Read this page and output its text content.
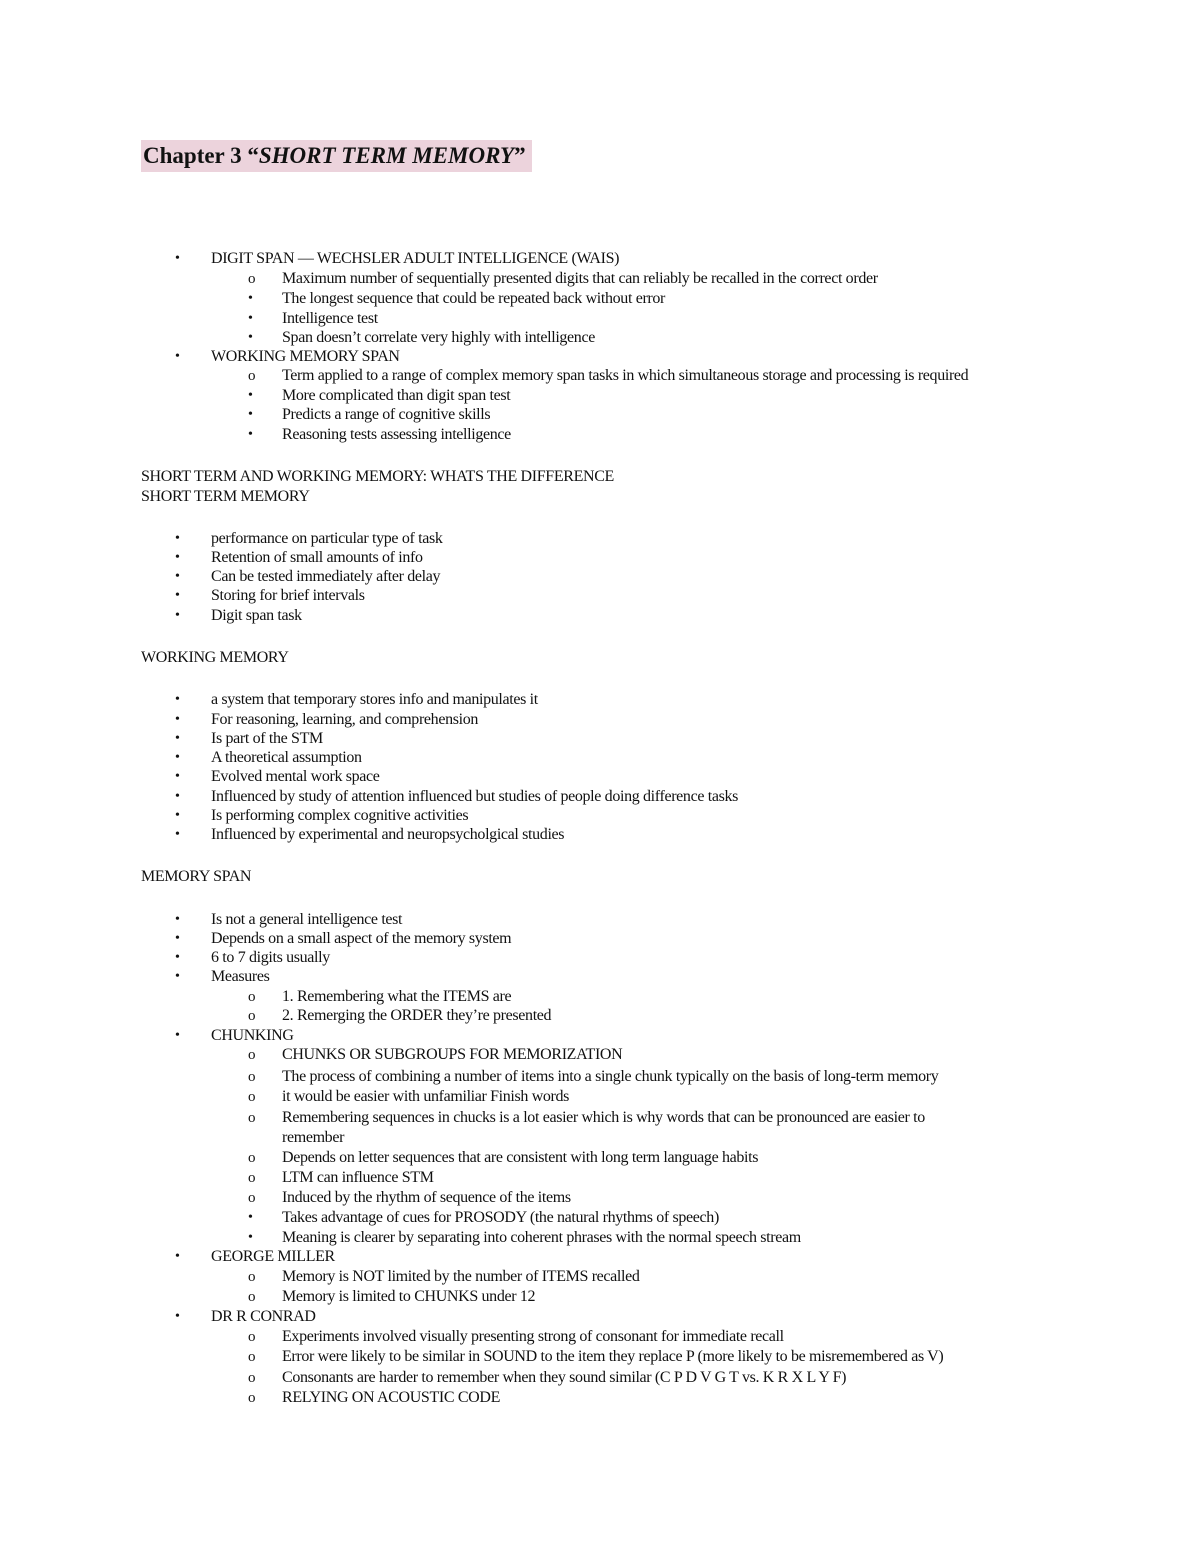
Chapter 3 “SHORT TERM MEMORY”
• DIGIT SPAN — WECHSLER ADULT INTELLIGENCE (WAIS)
o Maximum number of sequentially presented digits that can reliably be recalled in the correct order
• The longest sequence that could be repeated back without error
• Intelligence test
• Span doesn’t correlate very highly with intelligence
• WORKING MEMORY SPAN
o Term applied to a range of complex memory span tasks in which simultaneous storage and processing is required
• More complicated than digit span test
• Predicts a range of cognitive skills
• Reasoning tests assessing intelligence
SHORT TERM AND WORKING MEMORY: WHATS THE DIFFERENCE
SHORT TERM MEMORY
• performance on particular type of task
• Retention of small amounts of info
• Can be tested immediately after delay
• Storing for brief intervals
• Digit span task
WORKING MEMORY
• a system that temporary stores info and manipulates it
• For reasoning, learning, and comprehension
• Is part of the STM
• A theoretical assumption
• Evolved mental work space
• Influenced by study of attention influenced but studies of people doing difference tasks
• Is performing complex cognitive activities
• Influenced by experimental and neuropsycholgical studies
MEMORY SPAN
• Is not a general intelligence test
• Depends on a small aspect of the memory system
• 6 to 7 digits usually
• Measures
o 1. Remembering what the ITEMS are
o 2. Remerging the ORDER they’re presented
• CHUNKING
o CHUNKS OR SUBGROUPS FOR MEMORIZATION
o The process of combining a number of items into a single chunk typically on the basis of long-term memory
o it would be easier with unfamiliar Finish words
o Remembering sequences in chucks is a lot easier which is why words that can be pronounced are easier to
remember
o Depends on letter sequences that are consistent with long term language habits
o LTM can influence STM
o Induced by the rhythm of sequence of the items
• Takes advantage of cues for PROSODY (the natural rhythms of speech)
• Meaning is clearer by separating into coherent phrases with the normal speech stream
• GEORGE MILLER
o Memory is NOT limited by the number of ITEMS recalled
o Memory is limited to CHUNKS under 12
• DR R CONRAD
o Experiments involved visually presenting strong of consonant for immediate recall
o Error were likely to be similar in SOUND to the item they replace P (more likely to be misremembered as V)
o Consonants are harder to remember when they sound similar (C P D V G T vs. K R X L Y F)
o RELYING ON ACOUSTIC CODE
